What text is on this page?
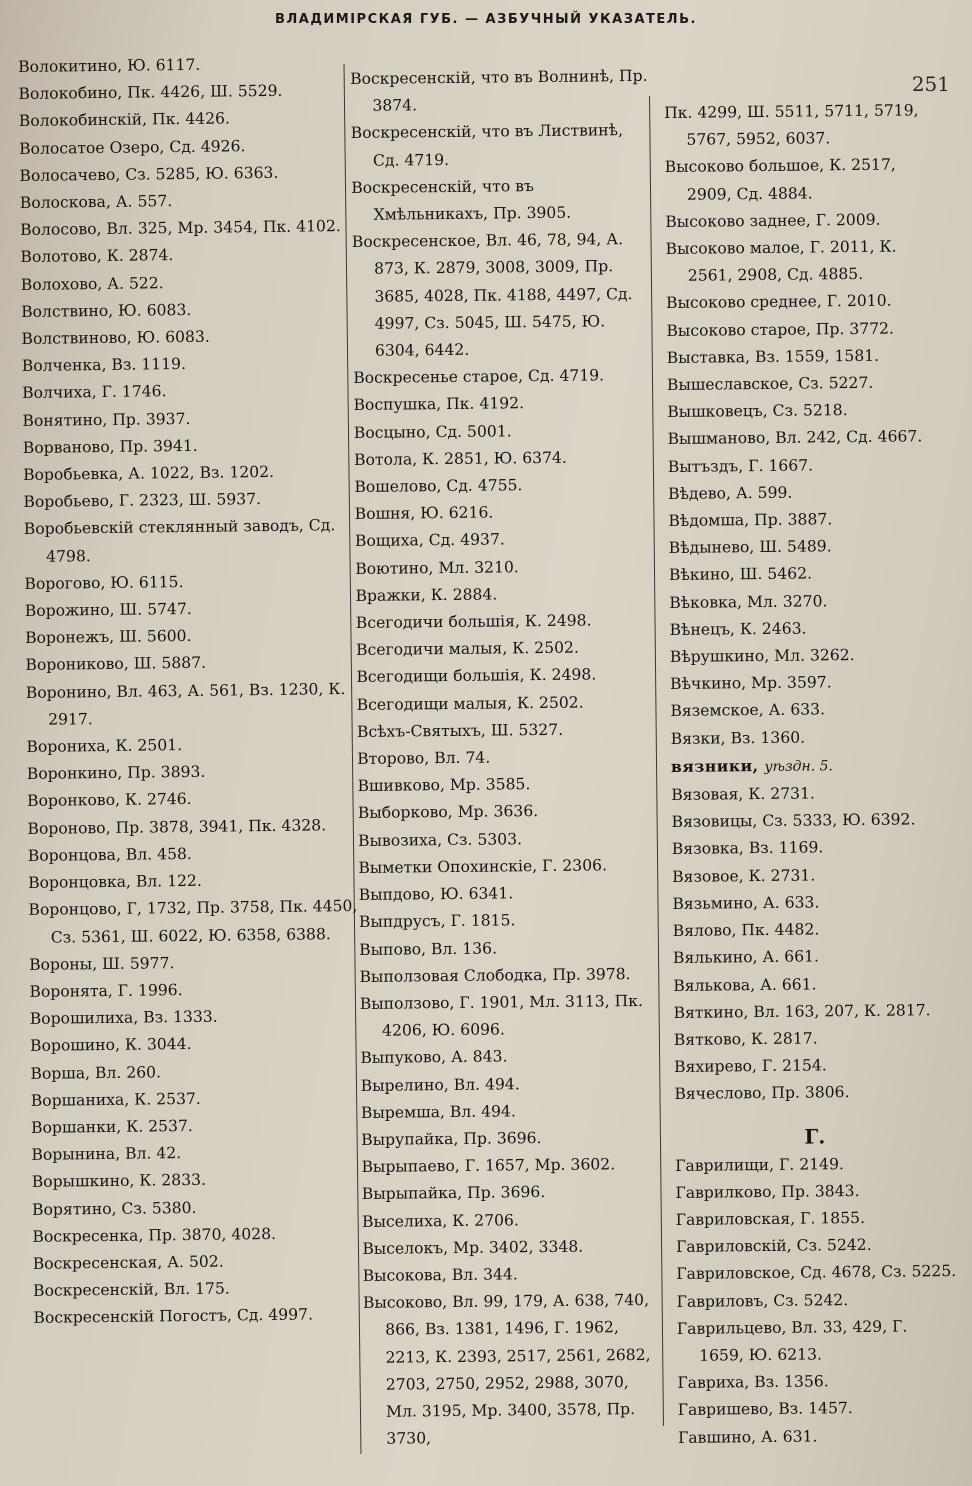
ВЛАДИМІРСКАЯ ГУБ. — АЗБУЧНЫЙ УКАЗАТЕЛЬ.
251
Волокитино, Ю. 6117.
Волокобино, Пк. 4426, Ш. 5529.
Волокобинскій, Пк. 4426.
Волосатое Озеро, Сд. 4926.
Волосачево, Сз. 5285, Ю. 6363.
Волоскова, А. 557.
Волосово, Вл. 325, Мр. 3454, Пк. 4102.
Волотово, К. 2874.
Волохово, А. 522.
Волствино, Ю. 6083.
Волствиново, Ю. 6083.
Волченка, Вз. 1119.
Волчиха, Г. 1746.
Вонятино, Пр. 3937.
Ворваново, Пр. 3941.
Воробьевка, А. 1022, Вз. 1202.
Воробьево, Г. 2323, Ш. 5937.
Воробьевскій стеклянный заводъ, Сд. 4798.
Ворогово, Ю. 6115.
Ворожино, Ш. 5747.
Воронежъ, Ш. 5600.
Ворониково, Ш. 5887.
Воронино, Вл. 463, А. 561, Вз. 1230, К. 2917.
Ворониха, К. 2501.
Воронкино, Пр. 3893.
Воронково, К. 2746.
Вороново, Пр. 3878, 3941, Пк. 4328.
Воронцова, Вл. 458.
Воронцовка, Вл. 122.
Воронцово, Г, 1732, Пр. 3758, Пк. 4450, Сз. 5361, Ш. 6022, Ю. 6358, 6388.
Вороны, Ш. 5977.
Воронята, Г. 1996.
Ворошилиха, Вз. 1333.
Ворошино, К. 3044.
Ворша, Вл. 260.
Воршаниха, К. 2537.
Воршанки, К. 2537.
Ворынина, Вл. 42.
Ворышкино, К. 2833.
Ворятино, Сз. 5380.
Воскресенка, Пр. 3870, 4028.
Воскресенская, А. 502.
Воскресенскій, Вл. 175.
Воскресенскій Погостъ, Сд. 4997.
Воскресенскій, что въ Волнинѣ, Пр. 3874.
Воскресенскій, что въ Листвинѣ, Сд. 4719.
Воскресенскій, что въ Хмѣльникахъ, Пр. 3905.
Воскресенское, Вл. 46, 78, 94, А. 873, К. 2879, 3008, 3009, Пр. 3685, 4028, Пк. 4188, 4497, Сд. 4997, Сз. 5045, Ш. 5475, Ю. 6304, 6442.
Воскресенье старое, Сд. 4719.
Воспушка, Пк. 4192.
Восцыно, Сд. 5001.
Вотола, К. 2851, Ю. 6374.
Вошелово, Сд. 4755.
Вошня, Ю. 6216.
Вощиха, Сд. 4937.
Воютино, Мл. 3210.
Вражки, К. 2884.
Всегодичи большія, К. 2498.
Всегодичи малыя, К. 2502.
Всегодищи большія, К. 2498.
Всегодищи малыя, К. 2502.
Всѣхъ-Святыхъ, Ш. 5327.
Второво, Вл. 74.
Вшивково, Мр. 3585.
Выборково, Мр. 3636.
Вывозиха, Сз. 5303.
Выметки Опохинскіе, Г. 2306.
Выпдово, Ю. 6341.
Выпдрусъ, Г. 1815.
Выпово, Вл. 136.
Выползовая Слободка, Пр. 3978.
Выползово, Г. 1901, Мл. 3113, Пк. 4206, Ю. 6096.
Выпуково, А. 843.
Вырелино, Вл. 494.
Выремша, Вл. 494.
Вырупайка, Пр. 3696.
Вырыпаево, Г. 1657, Мр. 3602.
Вырыпайка, Пр. 3696.
Выселиха, К. 2706.
Выселокъ, Мр. 3402, 3348.
Высокова, Вл. 344.
Высоково, Вл. 99, 179, А. 638, 740, 866, Вз. 1381, 1496, Г. 1962, 2213, К. 2393, 2517, 2561, 2682, 2703, 2750, 2952, 2988, 3070, Мл. 3195, Мр. 3400, 3578, Пр. 3730,
Пк. 4299, Ш. 5511, 5711, 5719, 5767, 5952, 6037.
Высоково большое, К. 2517, 2909, Сд. 4884.
Высоково заднее, Г. 2009.
Высоково малое, Г. 2011, К. 2561, 2908, Сд. 4885.
Высоково среднее, Г. 2010.
Высоково старое, Пр. 3772.
Выставка, Вз. 1559, 1581.
Вышеславское, Сз. 5227.
Вышковецъ, Сз. 5218.
Вышманово, Вл. 242, Сд. 4667.
Вытъздъ, Г. 1667.
Вѣдево, А. 599.
Вѣдомша, Пр. 3887.
Вѣдынево, Ш. 5489.
Вѣкино, Ш. 5462.
Вѣковка, Мл. 3270.
Вѣнецъ, К. 2463.
Вѣрушкино, Мл. 3262.
Вѣчкино, Мр. 3597.
Вяземское, А. 633.
Вязки, Вз. 1360.
вязники, уѣздн. 5.
Вязовая, К. 2731.
Вязовицы, Сз. 5333, Ю. 6392.
Вязовка, Вз. 1169.
Вязовое, К. 2731.
Вязьмино, А. 633.
Вялово, Пк. 4482.
Вялькино, А. 661.
Вялькова, А. 661.
Вяткино, Вл. 163, 207, К. 2817.
Вятково, К. 2817.
Вяхирево, Г. 2154.
Вячеслово, Пр. 3806.
Г.
Гаврилищи, Г. 2149.
Гаврилково, Пр. 3843.
Гавриловская, Г. 1855.
Гавриловскій, Сз. 5242.
Гавриловское, Сд. 4678, Сз. 5225.
Гавриловъ, Сз. 5242.
Гаврильцево, Вл. 33, 429, Г. 1659, Ю. 6213.
Гавриха, Вз. 1356.
Гавришево, Вз. 1457.
Гавшино, А. 631.
